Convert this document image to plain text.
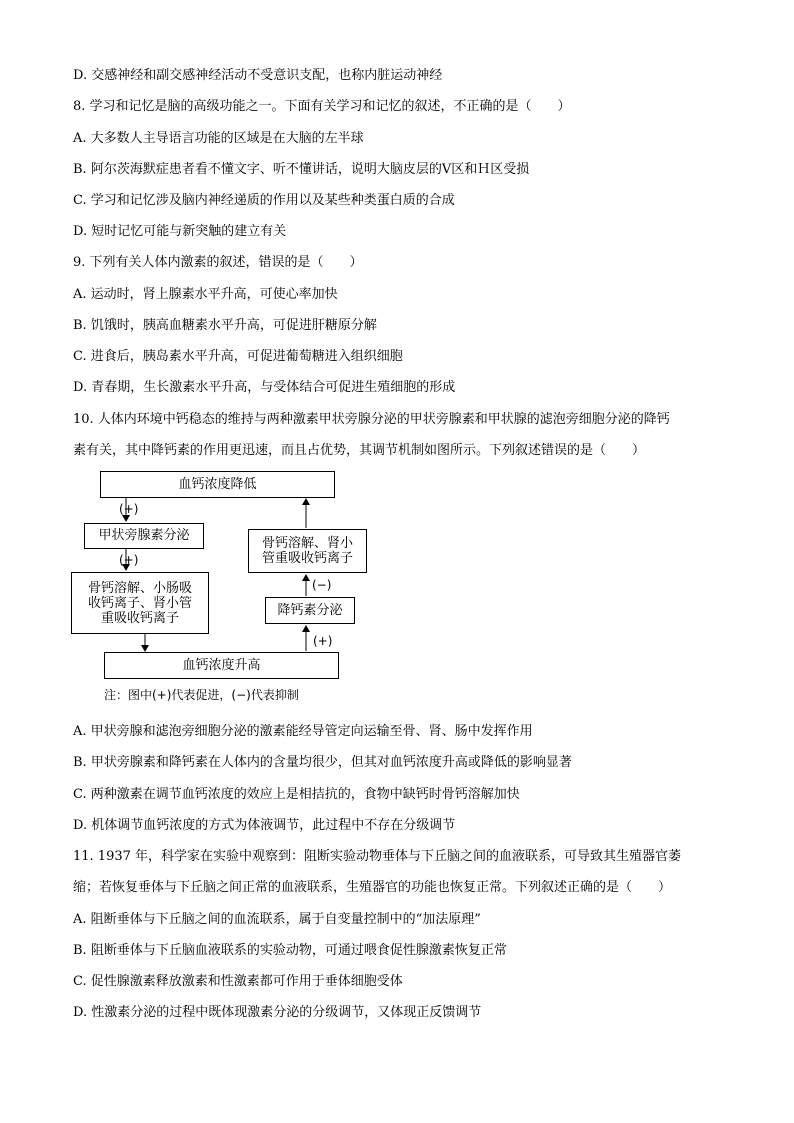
D. 交感神经和副交感神经活动不受意识支配，也称内脏运动神经
8. 学习和记忆是脑的高级功能之一。下面有关学习和记忆的叙述，不正确的是（　　）
A. 大多数人主导语言功能的区域是在大脑的左半球
B. 阿尔茨海默症患者看不懂文字、听不懂讲话，说明大脑皮层的Ⅴ区和Ｈ区受损
C. 学习和记忆涉及脑内神经递质的作用以及某些种类蛋白质的合成
D. 短时记忆可能与新突触的建立有关
9. 下列有关人体内激素的叙述，错误的是（　　）
A. 运动时，肾上腺素水平升高，可使心率加快
B. 饥饿时，胰高血糖素水平升高，可促进肝糖原分解
C. 进食后，胰岛素水平升高，可促进葡萄糖进入组织细胞
D. 青春期，生长激素水平升高，与受体结合可促进生殖细胞的形成
10. 人体内环境中钙稳态的维持与两种激素甲状旁腺分泌的甲状旁腺素和甲状腺的滤泡旁细胞分泌的降钙
素有关，其中降钙素的作用更迅速，而且占优势，其调节机制如图所示。下列叙述错误的是（　　）
血钙浓度降低
甲状旁腺素分泌
骨钙溶解、小肠吸
收钙离子、肾小管
重吸收钙离子
血钙浓度升高
降钙素分泌
骨钙溶解、肾小
管重吸收钙离子
(+)
(+)
(−)
(+)
注：图中(+)代表促进，(−)代表抑制
A. 甲状旁腺和滤泡旁细胞分泌的激素能经导管定向运输至骨、肾、肠中发挥作用
B. 甲状旁腺素和降钙素在人体内的含量均很少，但其对血钙浓度升高或降低的影响显著
C. 两种激素在调节血钙浓度的效应上是相拮抗的，食物中缺钙时骨钙溶解加快
D. 机体调节血钙浓度的方式为体液调节，此过程中不存在分级调节
11. 1937 年，科学家在实验中观察到：阻断实验动物垂体与下丘脑之间的血液联系，可导致其生殖器官萎
缩；若恢复垂体与下丘脑之间正常的血液联系，生殖器官的功能也恢复正常。下列叙述正确的是（　　）
A. 阻断垂体与下丘脑之间的血流联系，属于自变量控制中的“加法原理”
B. 阻断垂体与下丘脑血液联系的实验动物，可通过喂食促性腺激素恢复正常
C. 促性腺激素释放激素和性激素都可作用于垂体细胞受体
D. 性激素分泌的过程中既体现激素分泌的分级调节，又体现正反馈调节
